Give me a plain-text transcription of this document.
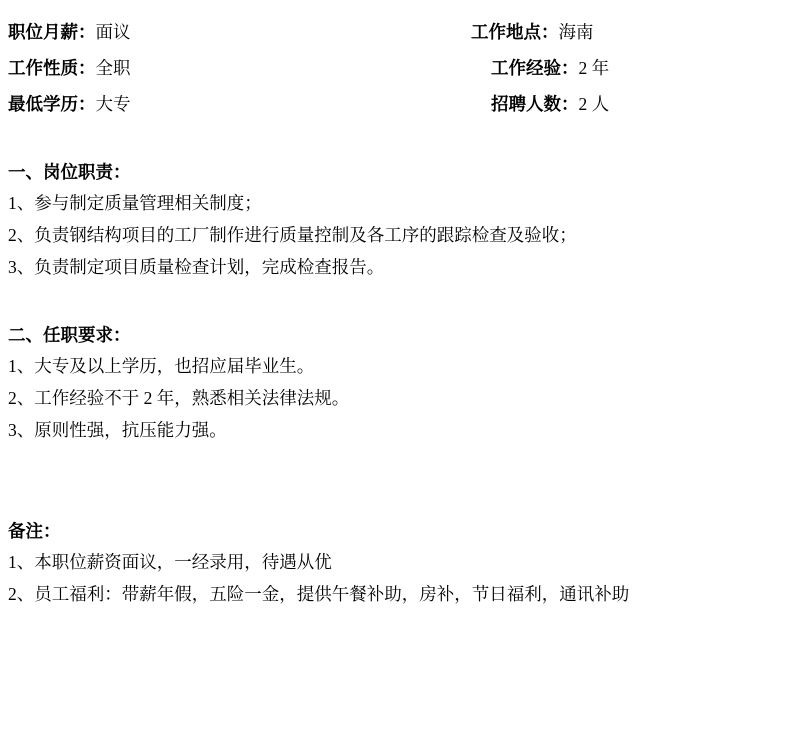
职位月薪：面议	工作地点：海南

工作性质：全职	工作经验：2 年

最低学历：大专	招聘人数：2 人
一、岗位职责：
1、参与制定质量管理相关制度；
2、负责钢结构项目的工厂制作进行质量控制及各工序的跟踪检查及验收；
3、负责制定项目质量检查计划，完成检查报告。
二、任职要求：
1、大专及以上学历，也招应届毕业生。
2、工作经验不于 2 年，熟悉相关法律法规。
3、原则性强，抗压能力强。
备注：
1、本职位薪资面议，一经录用，待遇从优
2、员工福利：带薪年假，五险一金，提供午餐补助，房补，节日福利，通讯补助
